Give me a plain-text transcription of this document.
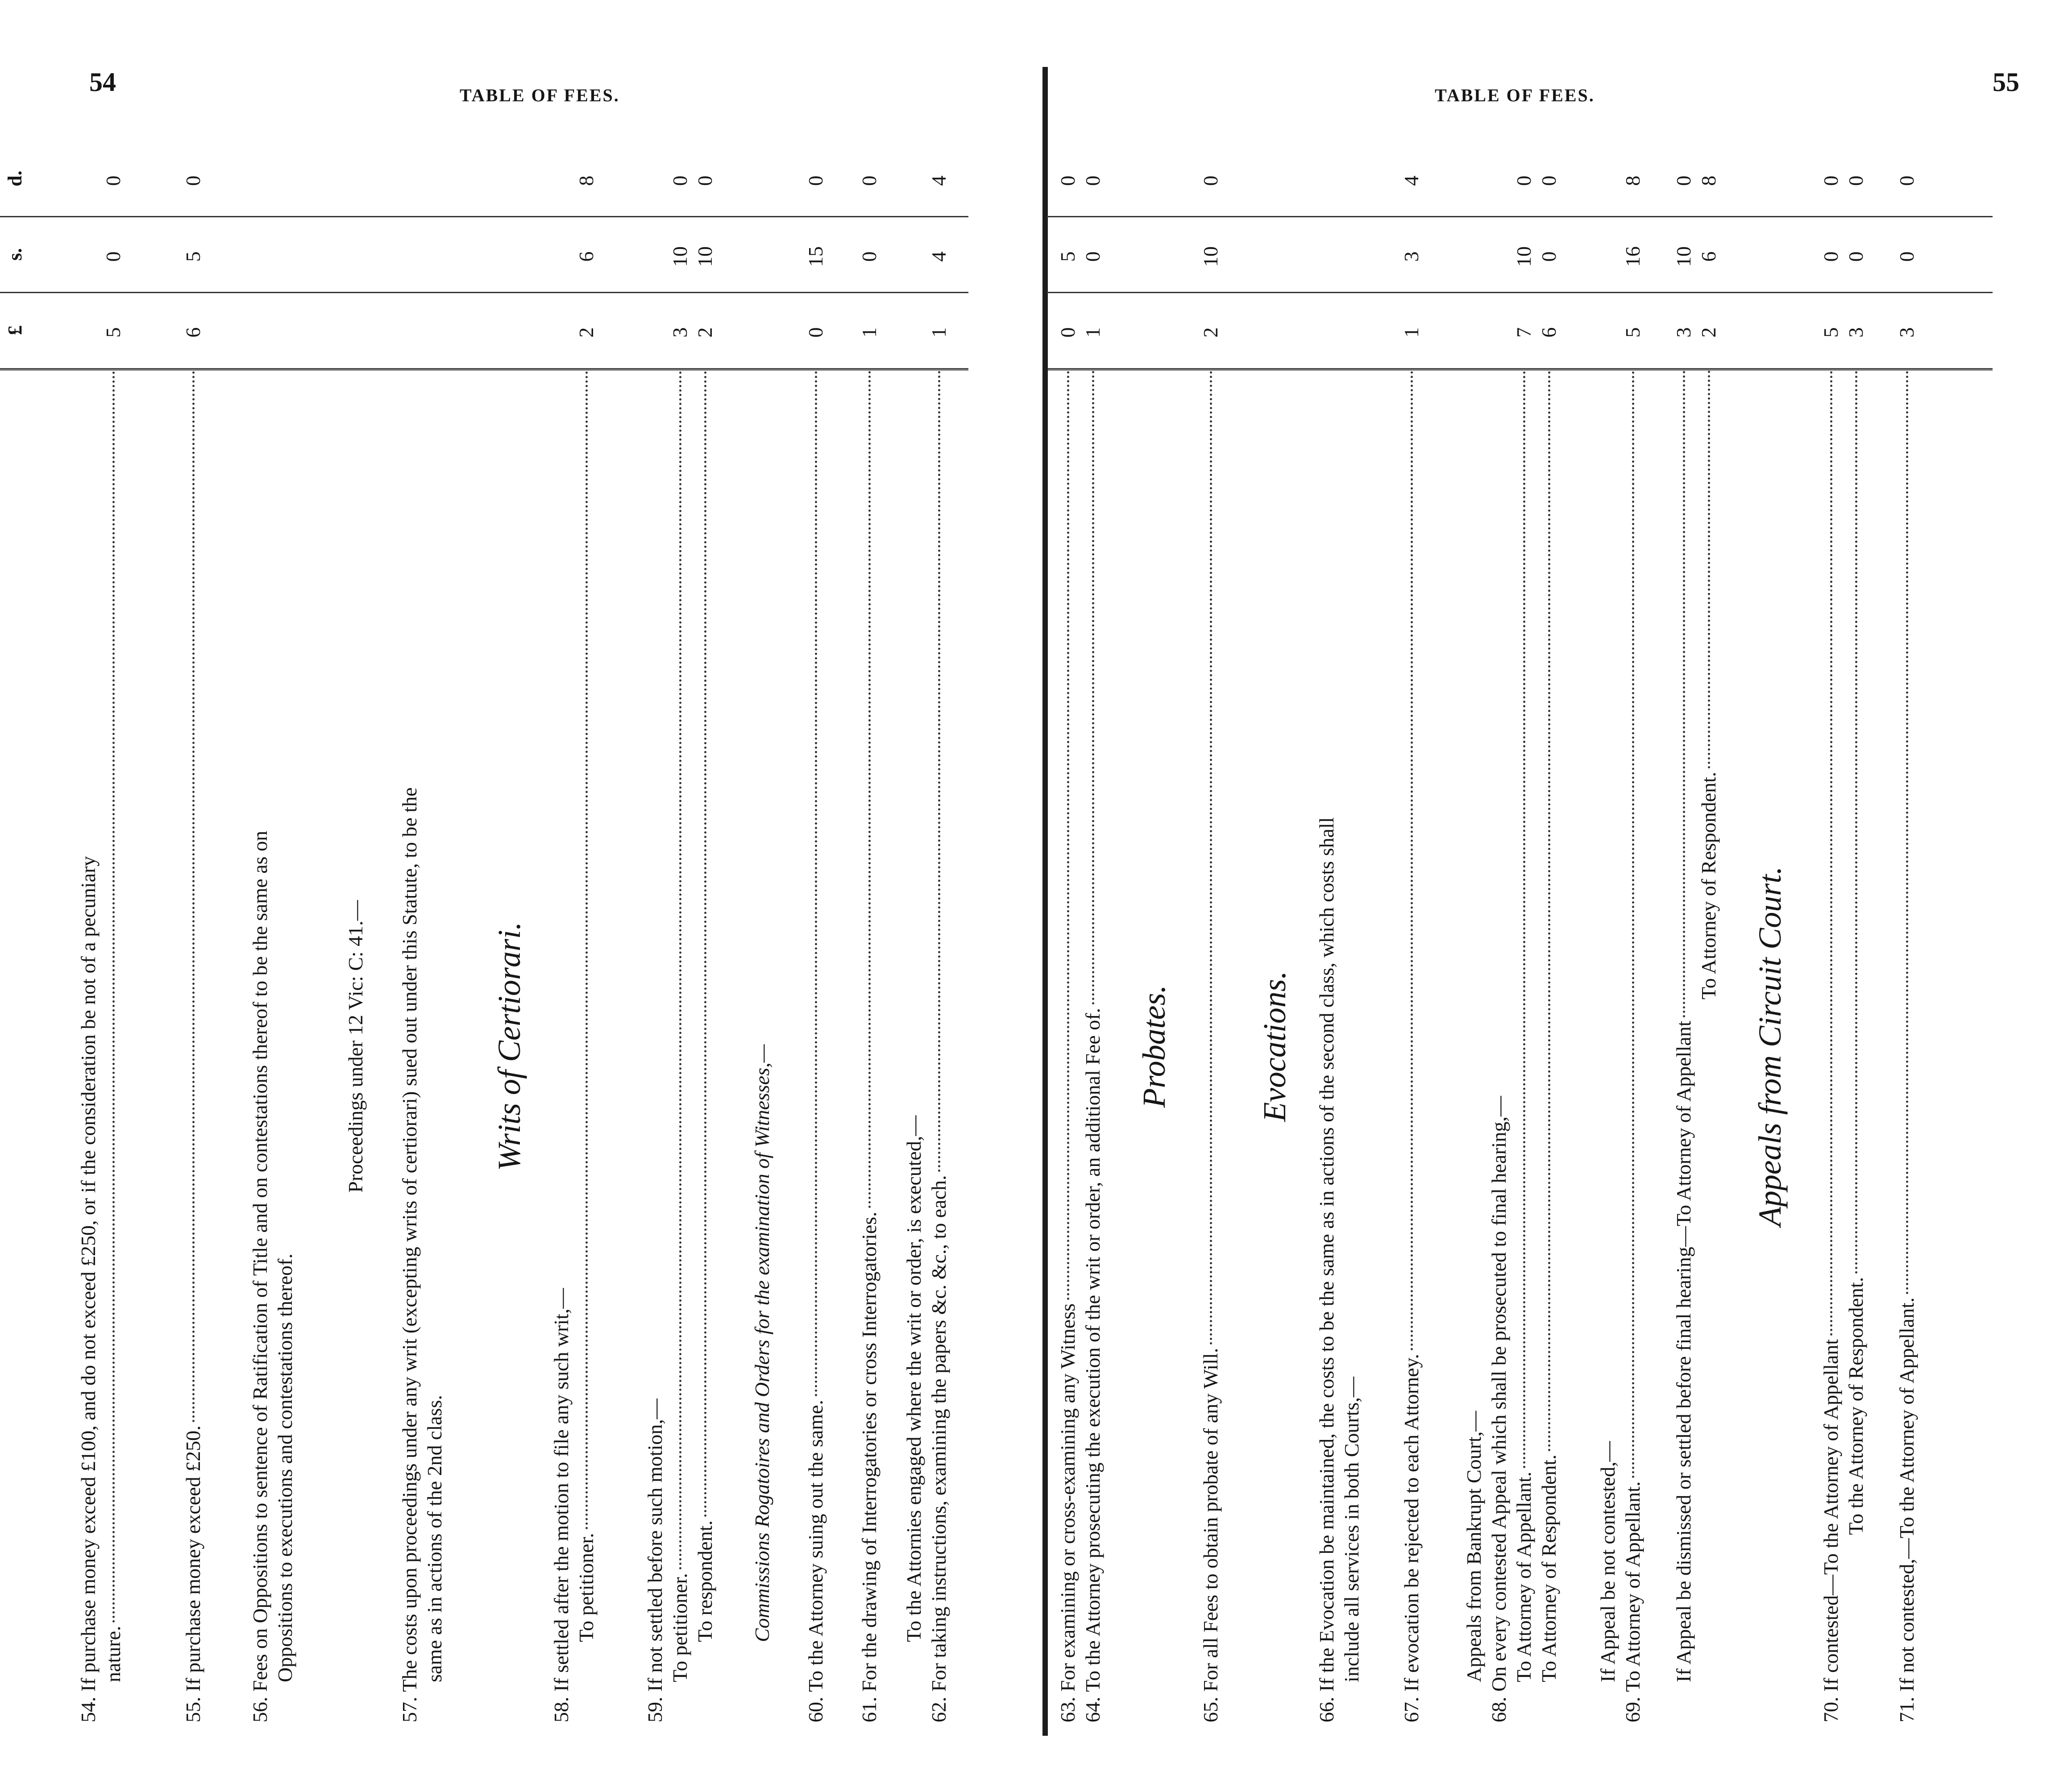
54	TABLE OF FEES.
£
s.
d.
54. If purchase money exceed £100, and do not exceed £250, or if the consideration be not of a pecuniary nature.
5
0
0
55. If purchase money exceed £250.
6
5
0
56. Fees on Oppositions to sentence of Ratification of Title and on contestations thereof to be the same as on Oppositions to executions and contestations thereof.
Proceedings under 12 Vic: C: 41.— 57. The costs upon proceedings under any writ (excepting writs of certiorari) sued out under this Statute, to be the same as in actions of the 2nd class.
Writs of Certiorari.
58. If settled after the motion to file any such writ,— To petitioner.
2
6
8
59. If not settled before such motion,— To petitioner.
3
10
0
To respondent.
2
10
0
Commissions Rogatoires and Orders for the examination of Witnesses,— 60. To the Attorney suing out the same.
0
15
0
61. For the drawing of Interrogatories or cross Interrogatories.
1
0
0
To the Attornies engaged where the writ or order, is executed,— 62. For taking instructions, examining the papers &c. &c., to each.
1
4
4
TABLE OF FEES.	55
63. For examining or cross-examining any Witness
0
5
0
64. To the Attorney prosecuting the execution of the writ or order, an additional Fee of.
1
0
0
Probates.
65. For all Fees to obtain probate of any Will.
2
10
0
Evocations. 66. If the Evocation be maintained, the costs to be the same as in actions of the second class, which costs shall include all services in both Courts,— 67. If evocation be rejected to each Attorney.
1
3
4
Appeals from Bankrupt Court,— 68. On every contested Appeal which shall be prosecuted to final hearing,— To Attorney of Appellant.
7
10
0
To Attorney of Respondent.
6
0
0
If Appeal be not contested,— 69. To Attorney of Appellant.
5
16
8
If Appeal be dismissed or settled before final hearing—To Attorney of Appellant
3
10
0
To Attorney of Respondent.
2
6
8
Appeals from Circuit Court.
70. If contested—To the Attorney of Appellant
5
0
0
To the Attorney of Respondent.
3
0
0
71. If not contested,—To the Attorney of Appellant.
3
0
0
